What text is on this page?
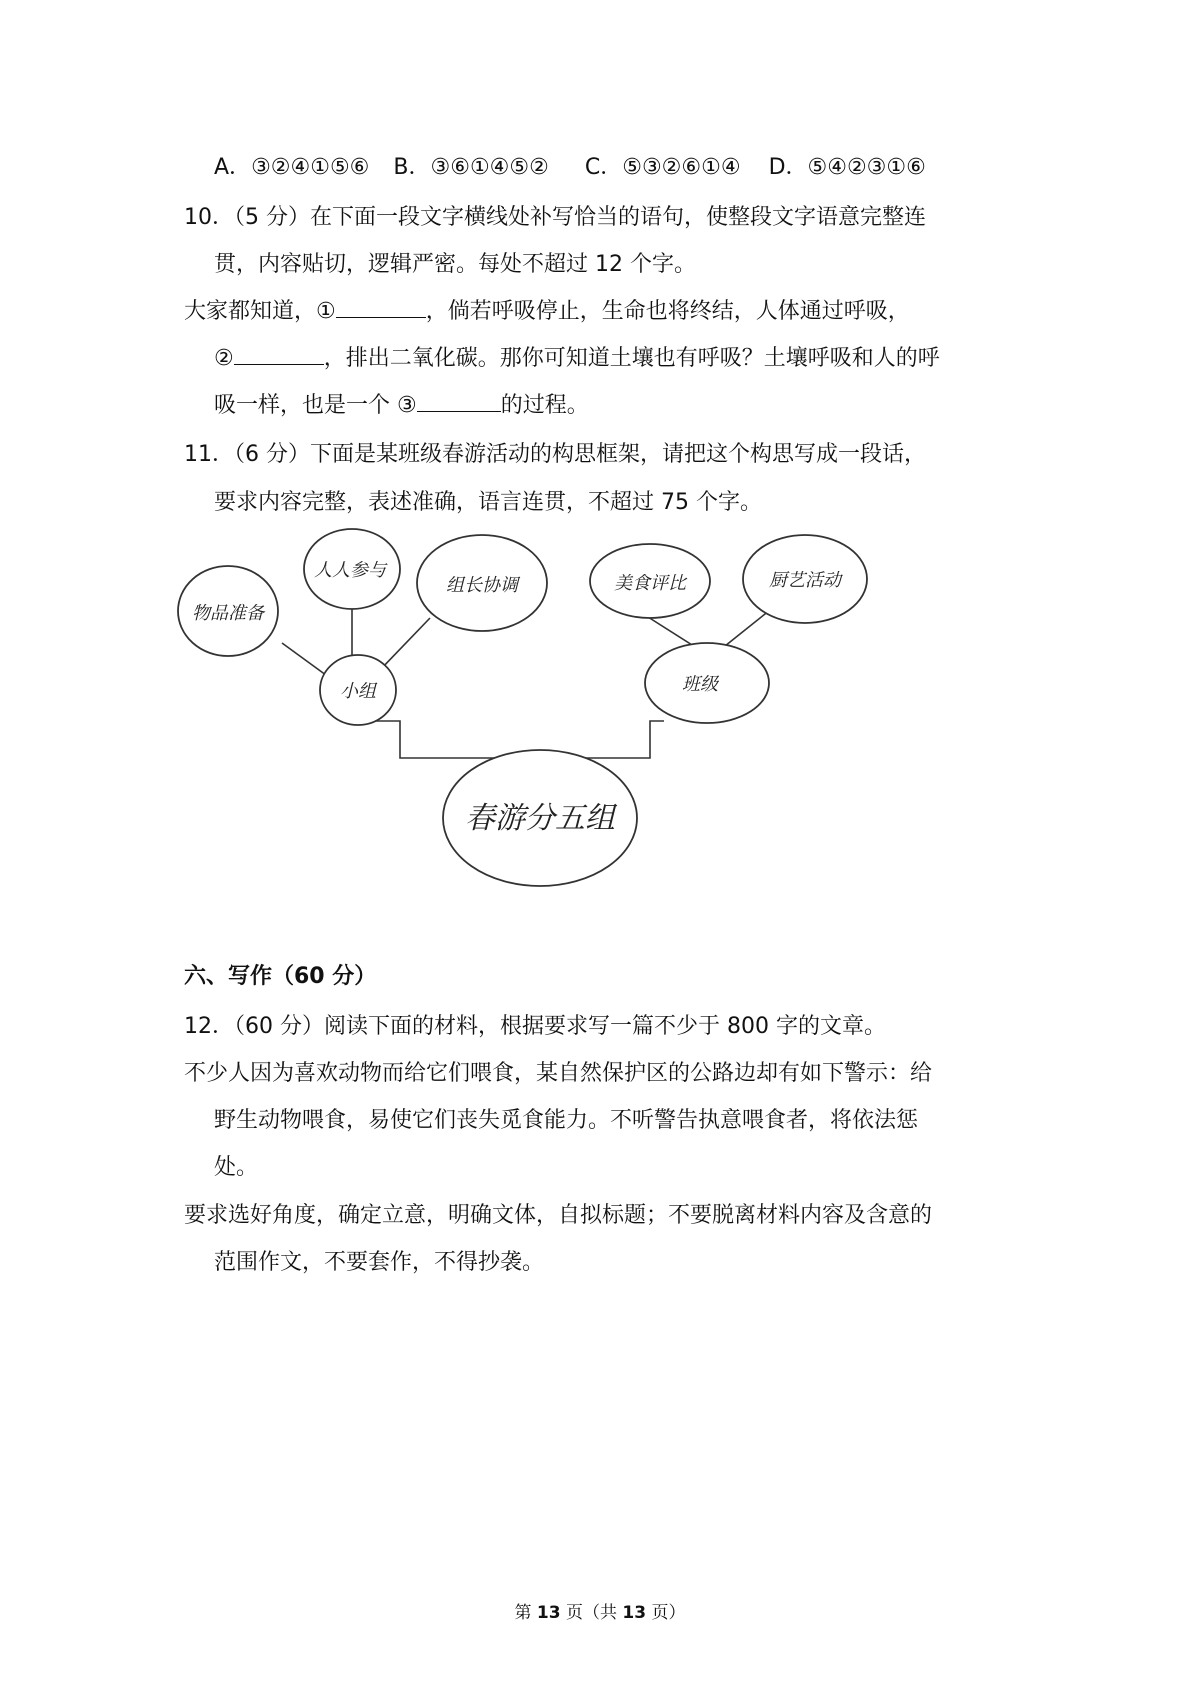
A．③②④①⑤⑥ B．③⑥①④⑤② C．⑤③②⑥①④ D．⑤④②③①⑥
10．（5 分）在下面一段文字横线处补写恰当的语句，使整段文字语意完整连
贯，内容贴切，逻辑严密。每处不超过 12 个字。
大家都知道，①	，倘若呼吸停止，生命也将终结，人体通过呼吸，
②	，排出二氧化碳。那你可知道土壤也有呼吸？土壤呼吸和人的呼
吸一样，也是一个 ③	的过程。
11．（6 分）下面是某班级春游活动的构思框架，请把这个构思写成一段话，
要求内容完整，表述准确，语言连贯，不超过 75 个字。
物品准备
人人参与
组长协调
小组
美食评比	厨艺活动
班级
春游分五组
六、写作（60 分）
12．（60 分）阅读下面的材料，根据要求写一篇不少于 800 字的文章。
不少人因为喜欢动物而给它们喂食，某自然保护区的公路边却有如下警示：给
野生动物喂食，易使它们丧失觅食能力。不听警告执意喂食者，将依法惩
处。
要求选好角度，确定立意，明确文体，自拟标题；不要脱离材料内容及含意的
范围作文，不要套作，不得抄袭。
第 13 页（共 13 页）
